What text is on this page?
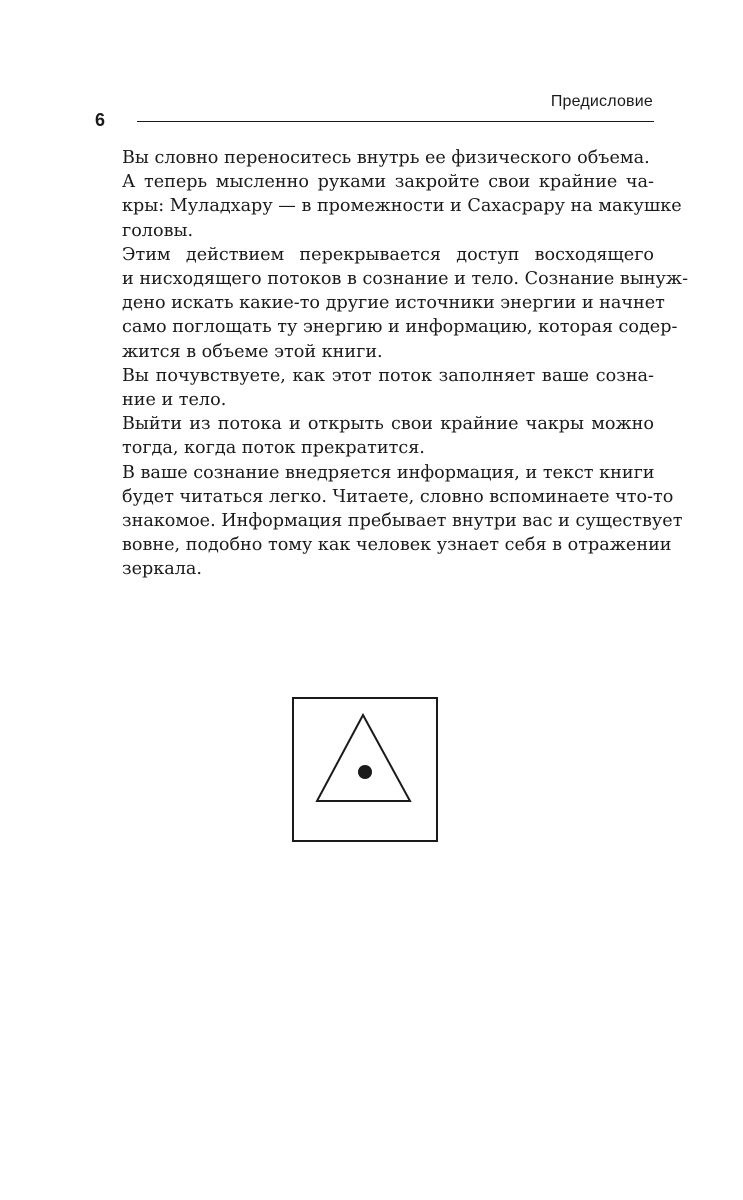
Предисловие
6

Вы словно переноситесь внутрь ее физического объема.

А теперь мысленно руками закройте свои крайние ча-
кры: Муладхару — в промежности и Сахасрару на макушке
головы.

Этим действием перекрывается доступ восходящего
и нисходящего потоков в сознание и тело. Сознание вынуж-
дено искать какие-то другие источники энергии и начнет
само поглощать ту энергию и информацию, которая содер-
жится в объеме этой книги.

Вы почувствуете, как этот поток заполняет ваше созна-
ние и тело.

Выйти из потока и открыть свои крайние чакры можно
тогда, когда поток прекратится.

В ваше сознание внедряется информация, и текст книги
будет читаться легко. Читаете, словно вспоминаете что-то
знакомое. Информация пребывает внутри вас и существует
вовне, подобно тому как человек узнает себя в отражении
зеркала.
